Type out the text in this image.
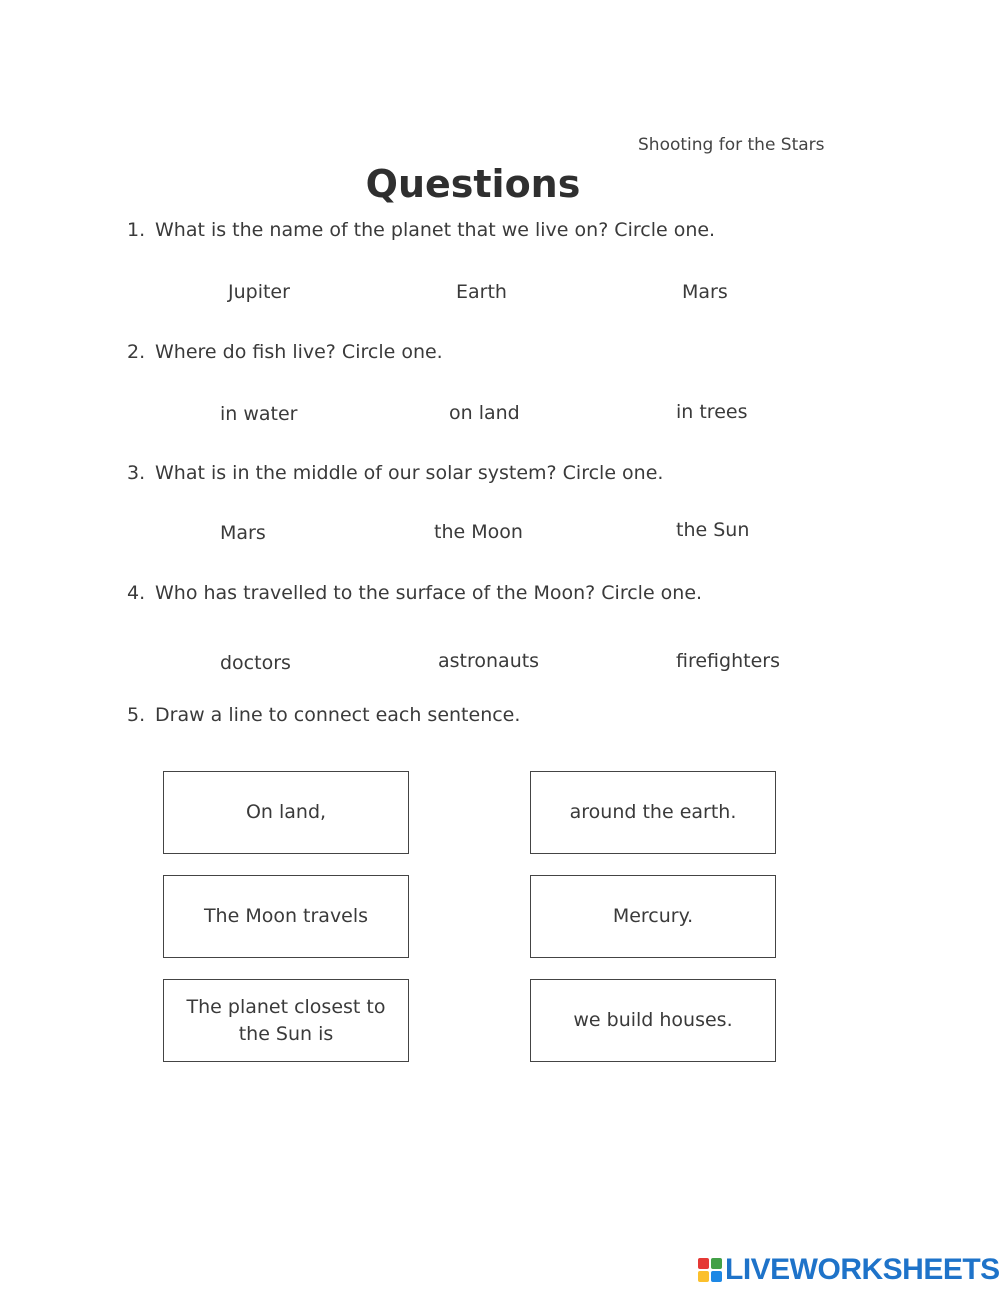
Shooting for the Stars
Questions
1. What is the name of the planet that we live on? Circle one.
Jupiter	Earth	Mars
2. Where do fish live? Circle one.
in water	on land	in trees
3. What is in the middle of our solar system? Circle one.
Mars	the Moon	the Sun
4. Who has travelled to the surface of the Moon? Circle one.
doctors	astronauts	firefighters
5. Draw a line to connect each sentence.
On land,
The Moon travels
The planet closest to the Sun is
around the earth.
Mercury.
we build houses.
LIVEWORKSHEETS
